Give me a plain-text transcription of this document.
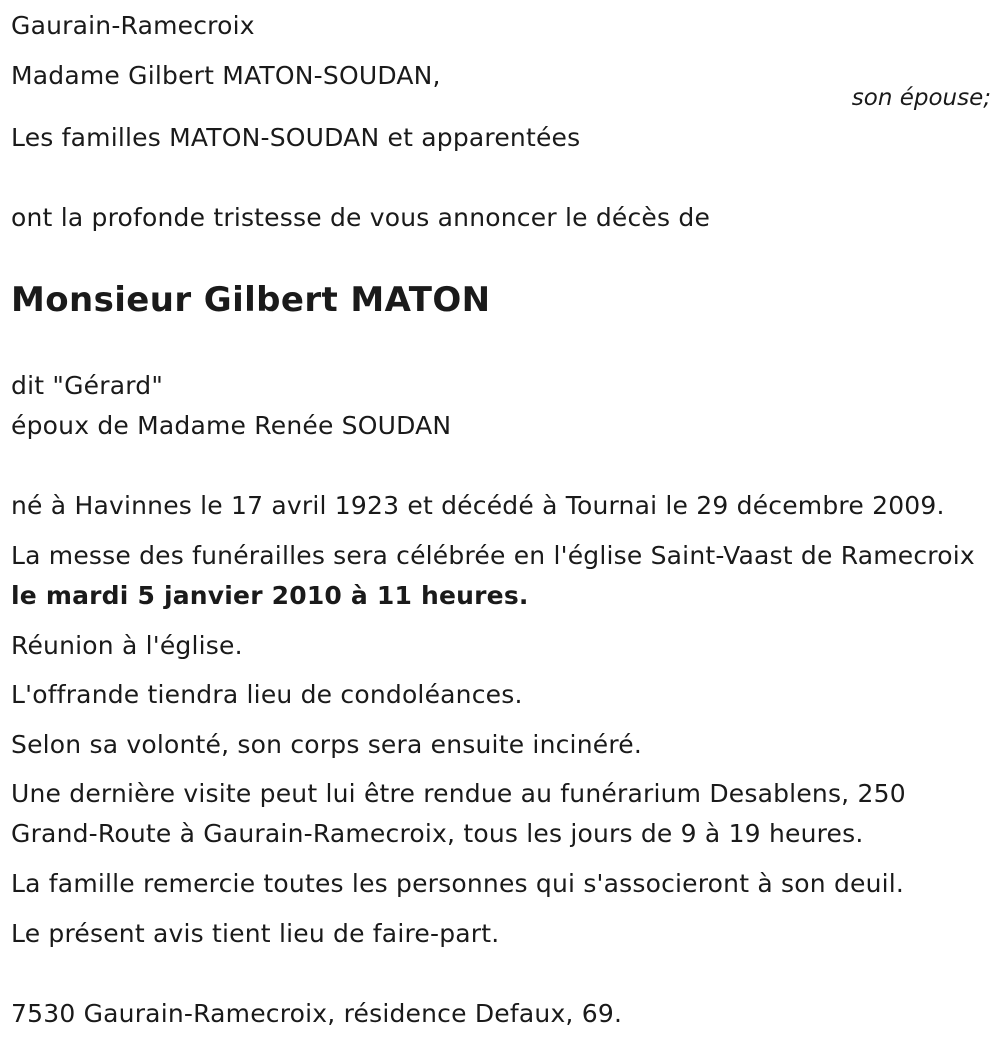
Gaurain-Ramecroix
Madame Gilbert MATON-SOUDAN,
son épouse;
Les familles MATON-SOUDAN et apparentées
ont la profonde tristesse de vous annoncer le décès de
Monsieur Gilbert MATON
dit "Gérard"
époux de Madame Renée SOUDAN
né à Havinnes le 17 avril 1923 et décédé à Tournai le 29 décembre 2009.
La messe des funérailles sera célébrée en l'église Saint-Vaast de Ramecroix le mardi 5 janvier 2010 à 11 heures.
Réunion à l'église.
L'offrande tiendra lieu de condoléances.
Selon sa volonté, son corps sera ensuite incinéré.
Une dernière visite peut lui être rendue au funérarium Desablens, 250 Grand-Route à Gaurain-Ramecroix, tous les jours de 9 à 19 heures.
La famille remercie toutes les personnes qui s'associeront à son deuil.
Le présent avis tient lieu de faire-part.
7530 Gaurain-Ramecroix, résidence Defaux, 69.
